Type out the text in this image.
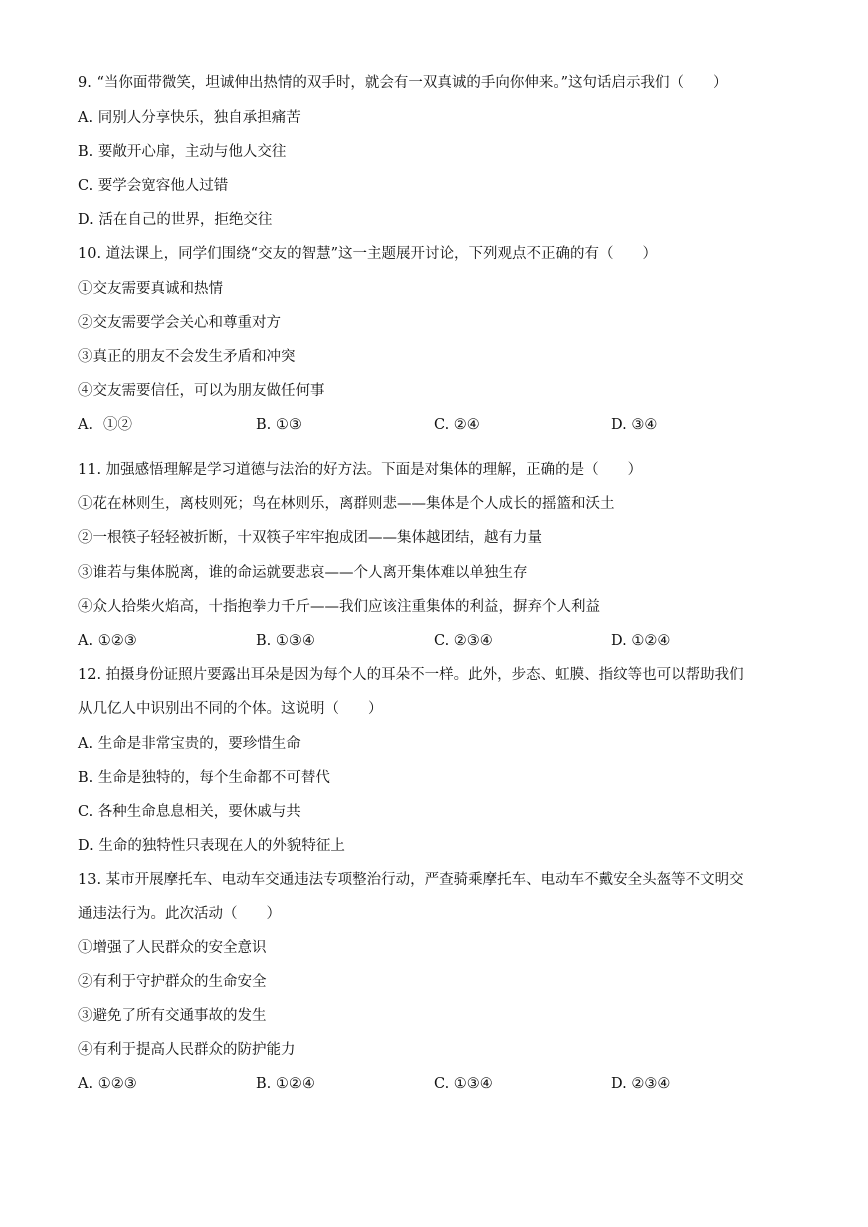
9. “当你面带微笑，坦诚伸出热情的双手时，就会有一双真诚的手向你伸来。”这句话启示我们（　　）
A. 同别人分享快乐，独自承担痛苦
B. 要敞开心扉，主动与他人交往
C. 要学会宽容他人过错
D. 活在自己的世界，拒绝交往
10. 道法课上，同学们围绕“交友的智慧”这一主题展开讨论，下列观点不正确的有（　　）
①交友需要真诚和热情
②交友需要学会关心和尊重对方
③真正的朋友不会发生矛盾和冲突
④交友需要信任，可以为朋友做任何事
A．①②	B. ①③	C. ②④	D. ③④
11. 加强感悟理解是学习道德与法治的好方法。下面是对集体的理解，正确的是（　　）
①花在林则生，离枝则死；鸟在林则乐，离群则悲——集体是个人成长的摇篮和沃土
②一根筷子轻轻被折断，十双筷子牢牢抱成团——集体越团结，越有力量
③谁若与集体脱离，谁的命运就要悲哀——个人离开集体难以单独生存
④众人拾柴火焰高，十指抱拳力千斤——我们应该注重集体的利益，摒弃个人利益
A. ①②③	B. ①③④	C. ②③④	D. ①②④
12. 拍摄身份证照片要露出耳朵是因为每个人的耳朵不一样。此外，步态、虹膜、指纹等也可以帮助我们
从几亿人中识别出不同的个体。这说明（　　）
A. 生命是非常宝贵的，要珍惜生命
B. 生命是独特的，每个生命都不可替代
C. 各种生命息息相关，要休戚与共
D. 生命的独特性只表现在人的外貌特征上
13. 某市开展摩托车、电动车交通违法专项整治行动，严查骑乘摩托车、电动车不戴安全头盔等不文明交
通违法行为。此次活动（　　）
①增强了人民群众的安全意识
②有利于守护群众的生命安全
③避免了所有交通事故的发生
④有利于提高人民群众的防护能力
A. ①②③	B. ①②④	C. ①③④	D. ②③④
